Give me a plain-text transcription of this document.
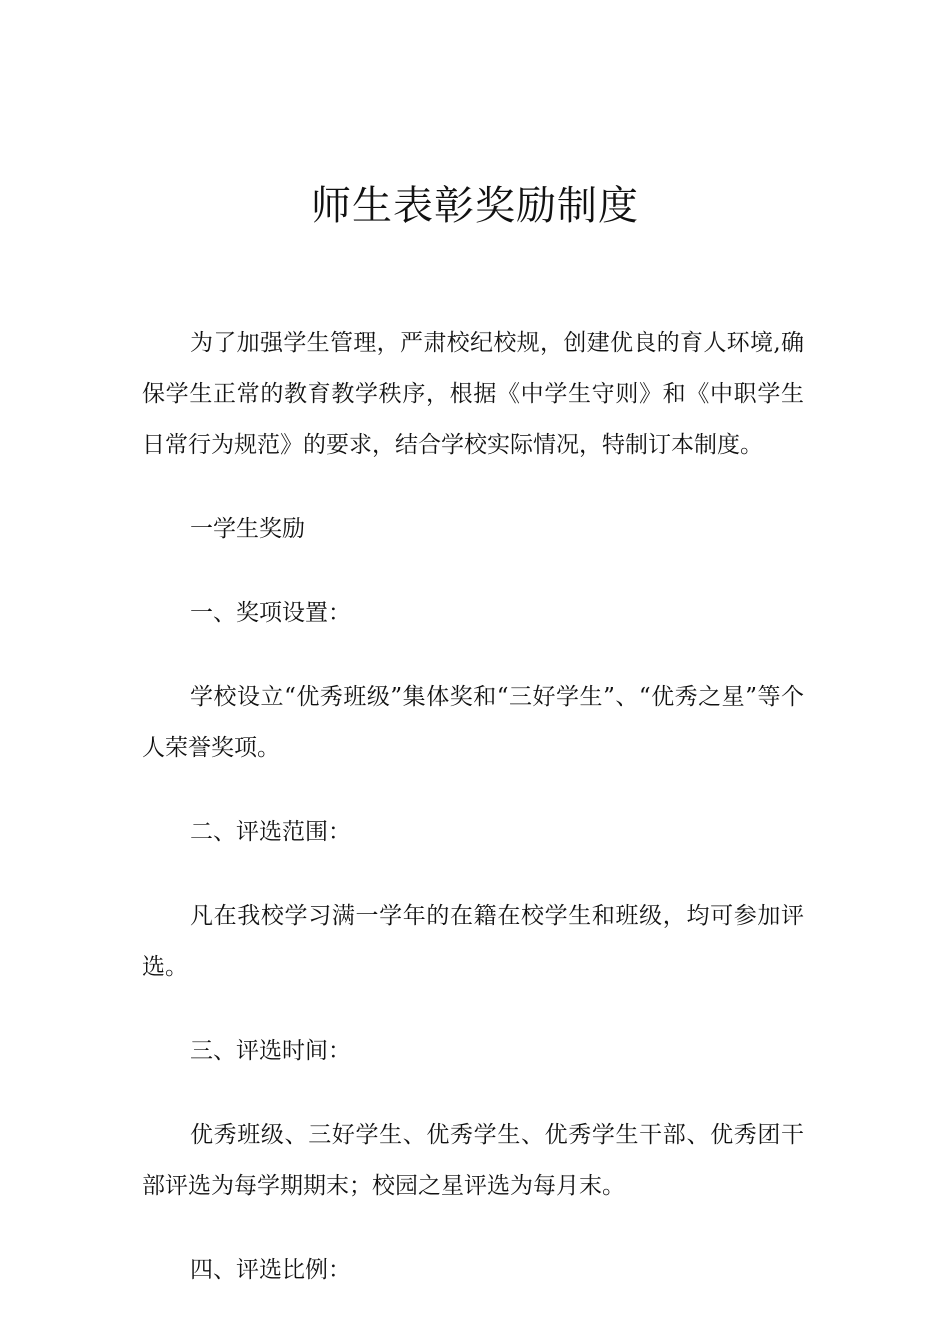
师生表彰奖励制度

为了加强学生管理，严肃校纪校规，创建优良的育人环境,确保学生正常的教育教学秩序，根据《中学生守则》和《中职学生日常行为规范》的要求，结合学校实际情况，特制订本制度。

一学生奖励

一、奖项设置：

学校设立“优秀班级”集体奖和“三好学生”、“优秀之星”等个人荣誉奖项。

二、评选范围：

凡在我校学习满一学年的在籍在校学生和班级，均可参加评选。

三、评选时间：

优秀班级、三好学生、优秀学生、优秀学生干部、优秀团干部评选为每学期期末；校园之星评选为每月末。

四、评选比例：
